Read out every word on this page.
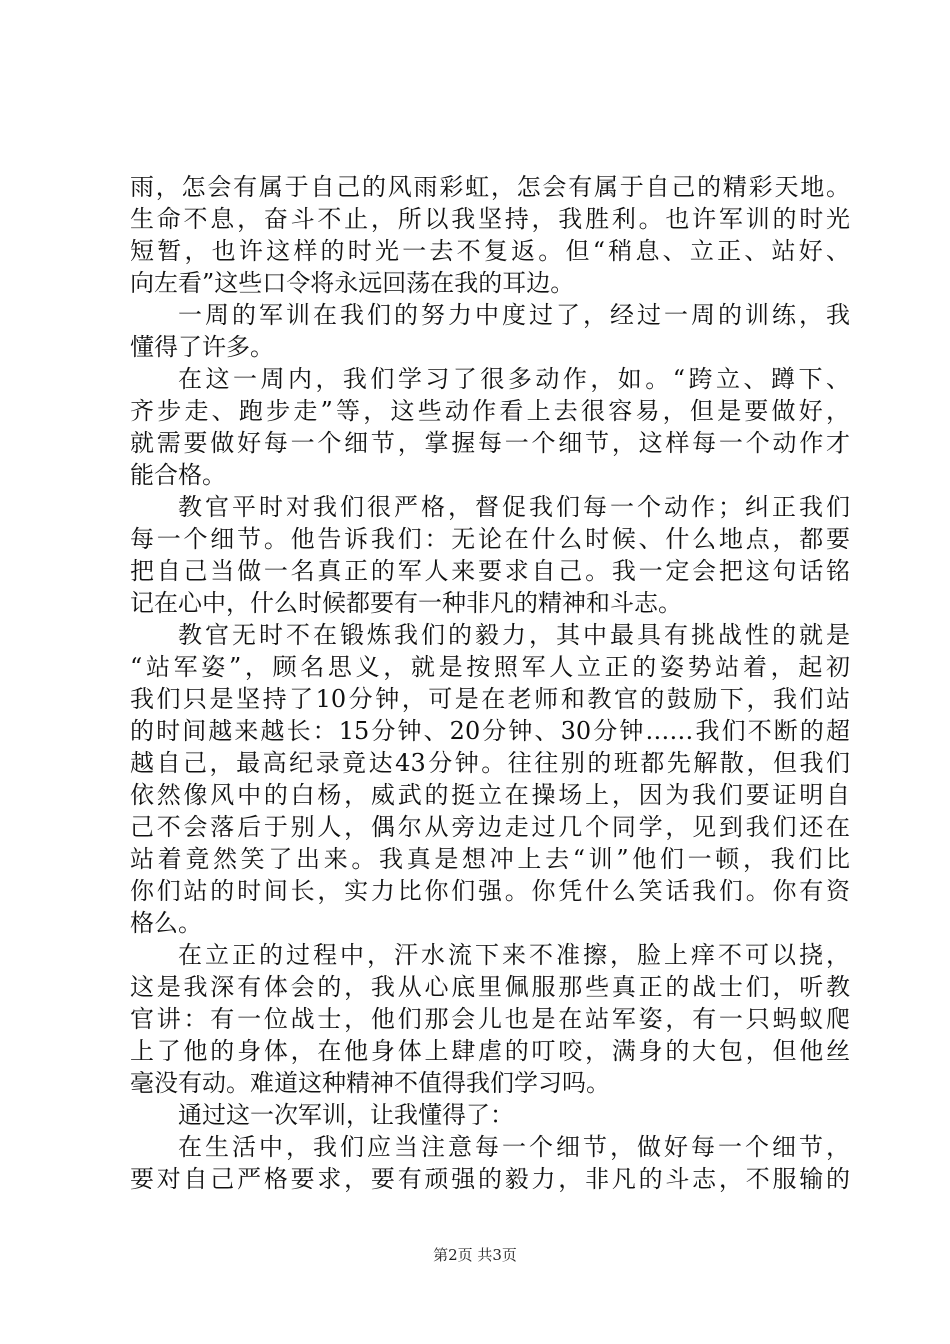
雨，怎会有属于自己的风雨彩虹，怎会有属于自己的精彩天地。
生命不息，奋斗不止，所以我坚持，我胜利。也许军训的时光
短暂，也许这样的时光一去不复返。但“稍息、立正、站好、
向左看”这些口令将永远回荡在我的耳边。
一周的军训在我们的努力中度过了，经过一周的训练，我
懂得了许多。
在这一周内，我们学习了很多动作，如。“跨立、蹲下、
齐步走、跑步走”等，这些动作看上去很容易，但是要做好，
就需要做好每一个细节，掌握每一个细节，这样每一个动作才
能合格。
教官平时对我们很严格，督促我们每一个动作；纠正我们
每一个细节。他告诉我们：无论在什么时候、什么地点，都要
把自己当做一名真正的军人来要求自己。我一定会把这句话铭
记在心中，什么时候都要有一种非凡的精神和斗志。
教官无时不在锻炼我们的毅力，其中最具有挑战性的就是
“站军姿”，顾名思义，就是按照军人立正的姿势站着，起初
我们只是坚持了10分钟，可是在老师和教官的鼓励下，我们站
的时间越来越长：15分钟、20分钟、30分钟……我们不断的超
越自己，最高纪录竟达43分钟。往往别的班都先解散，但我们
依然像风中的白杨，威武的挺立在操场上，因为我们要证明自
己不会落后于别人，偶尔从旁边走过几个同学，见到我们还在
站着竟然笑了出来。我真是想冲上去“训”他们一顿，我们比
你们站的时间长，实力比你们强。你凭什么笑话我们。你有资
格么。
在立正的过程中，汗水流下来不准擦，脸上痒不可以挠，
这是我深有体会的，我从心底里佩服那些真正的战士们，听教
官讲：有一位战士，他们那会儿也是在站军姿，有一只蚂蚁爬
上了他的身体，在他身体上肆虐的叮咬，满身的大包，但他丝
毫没有动。难道这种精神不值得我们学习吗。
通过这一次军训，让我懂得了：
在生活中，我们应当注意每一个细节，做好每一个细节，
要对自己严格要求，要有顽强的毅力，非凡的斗志，不服输的
第2页 共3页
